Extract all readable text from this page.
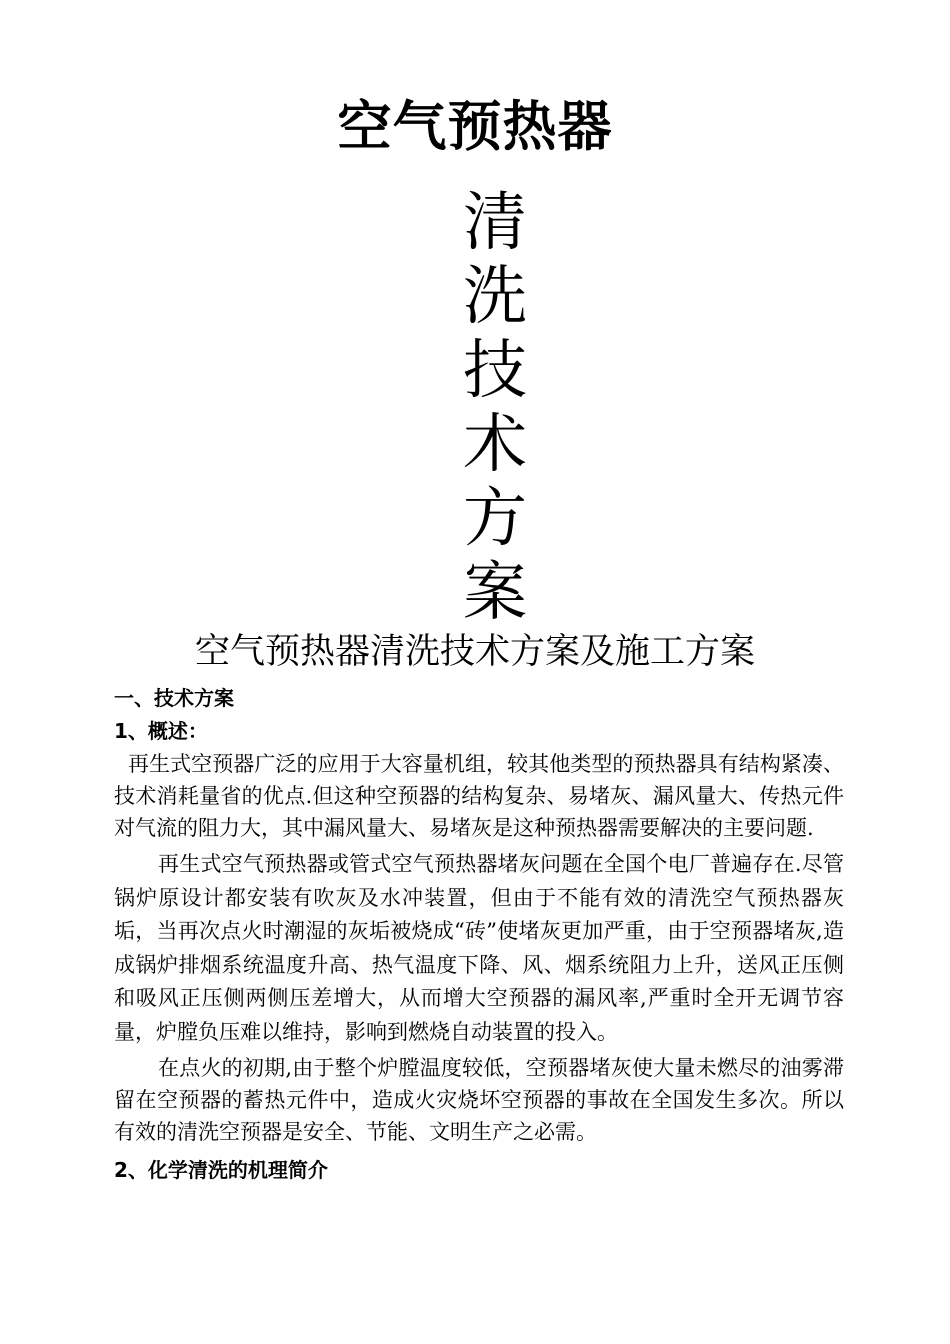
空气预热器
清
洗
技
术
方
案
空气预热器清洗技术方案及施工方案

一、技术方案

1、概述：

再生式空预器广泛的应用于大容量机组，较其他类型的预热器具有结构紧凑、技术消耗量省的优点.但这种空预器的结构复杂、易堵灰、漏风量大、传热元件对气流的阻力大，其中漏风量大、易堵灰是这种预热器需要解决的主要问题.

再生式空气预热器或管式空气预热器堵灰问题在全国个电厂普遍存在.尽管锅炉原设计都安装有吹灰及水冲装置，但由于不能有效的清洗空气预热器灰垢，当再次点火时潮湿的灰垢被烧成“砖”使堵灰更加严重，由于空预器堵灰,造成锅炉排烟系统温度升高、热气温度下降、风、烟系统阻力上升，送风正压侧和吸风正压侧两侧压差增大，从而增大空预器的漏风率,严重时全开无调节容量，炉膛负压难以维持，影响到燃烧自动装置的投入。

在点火的初期,由于整个炉膛温度较低，空预器堵灰使大量未燃尽的油雾滞留在空预器的蓄热元件中，造成火灾烧坏空预器的事故在全国发生多次。所以有效的清洗空预器是安全、节能、文明生产之必需。

2、化学清洗的机理简介
